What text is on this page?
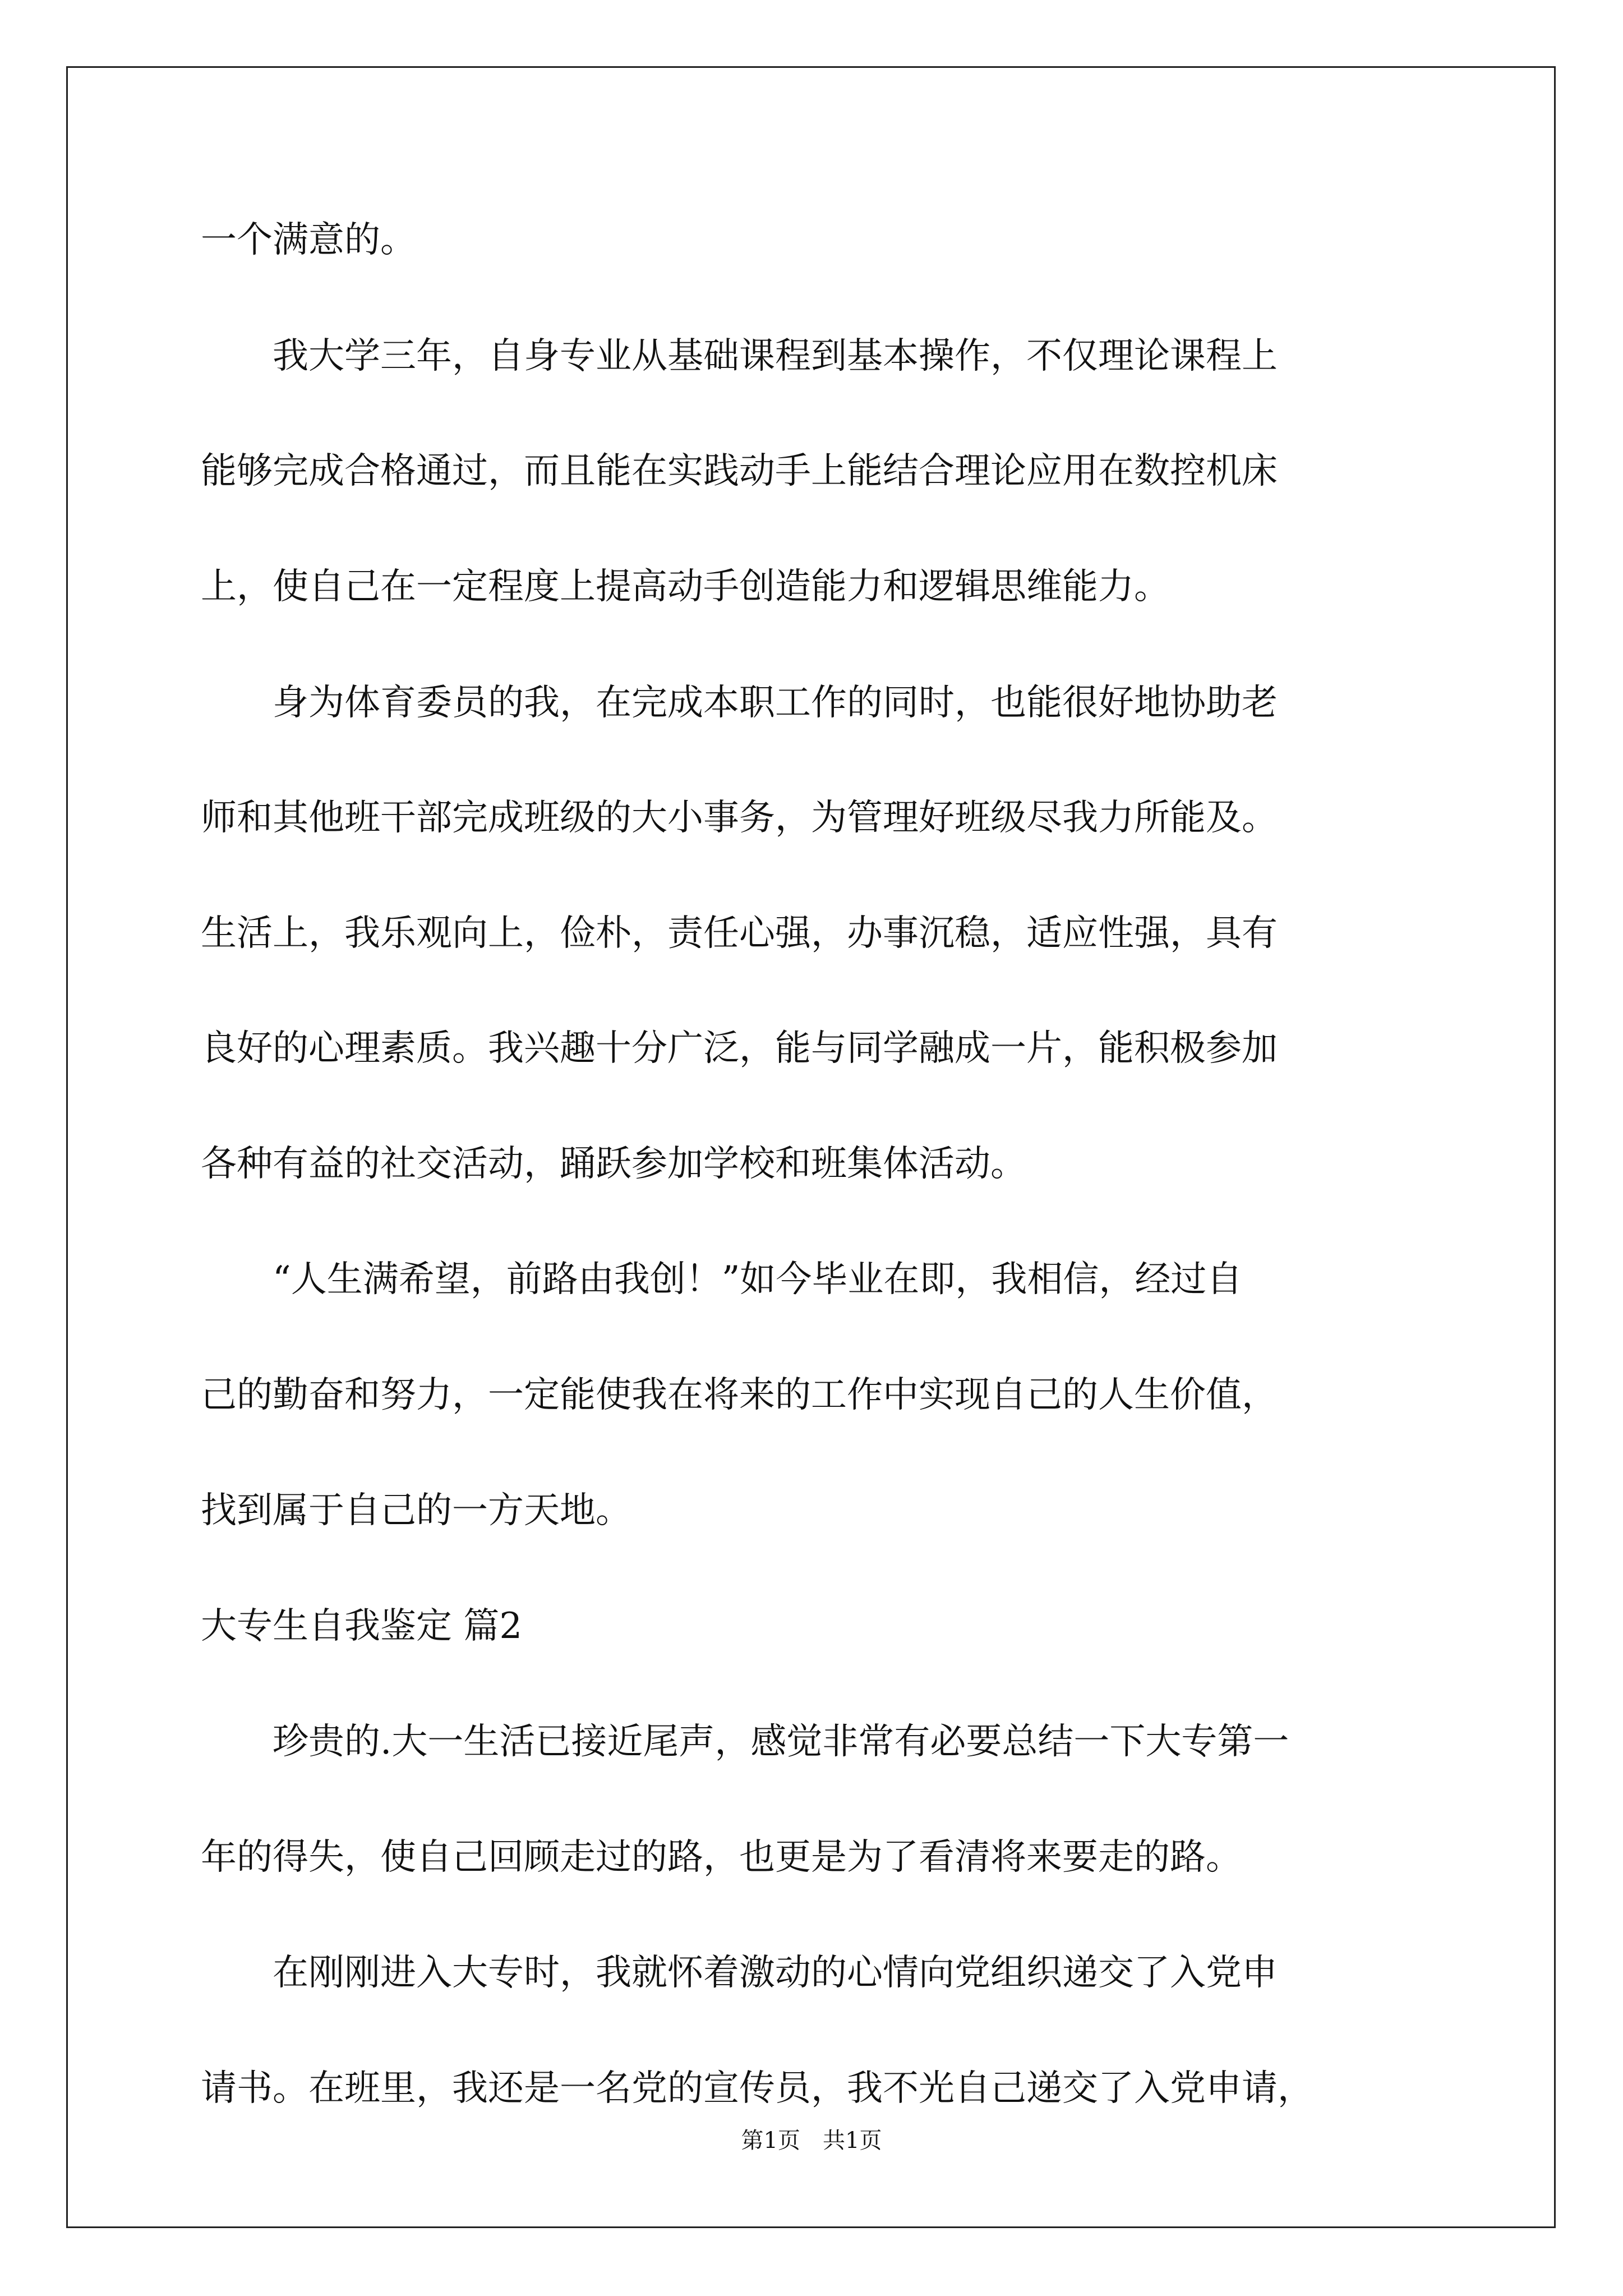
一个满意的。
　　我大学三年，自身专业从基础课程到基本操作，不仅理论课程上
能够完成合格通过，而且能在实践动手上能结合理论应用在数控机床
上，使自己在一定程度上提高动手创造能力和逻辑思维能力。
　　身为体育委员的我，在完成本职工作的同时，也能很好地协助老
师和其他班干部完成班级的大小事务，为管理好班级尽我力所能及。
生活上，我乐观向上，俭朴，责任心强，办事沉稳，适应性强，具有
良好的心理素质。我兴趣十分广泛，能与同学融成一片，能积极参加
各种有益的社交活动，踊跃参加学校和班集体活动。
　　“人生满希望，前路由我创！”如今毕业在即，我相信，经过自
己的勤奋和努力，一定能使我在将来的工作中实现自己的人生价值，
找到属于自己的一方天地。
大专生自我鉴定 篇2
　　珍贵的.大一生活已接近尾声，感觉非常有必要总结一下大专第一
年的得失，使自己回顾走过的路，也更是为了看清将来要走的路。
　　在刚刚进入大专时，我就怀着激动的心情向党组织递交了入党申
请书。在班里，我还是一名党的宣传员，我不光自己递交了入党申请，
第1页　共1页
